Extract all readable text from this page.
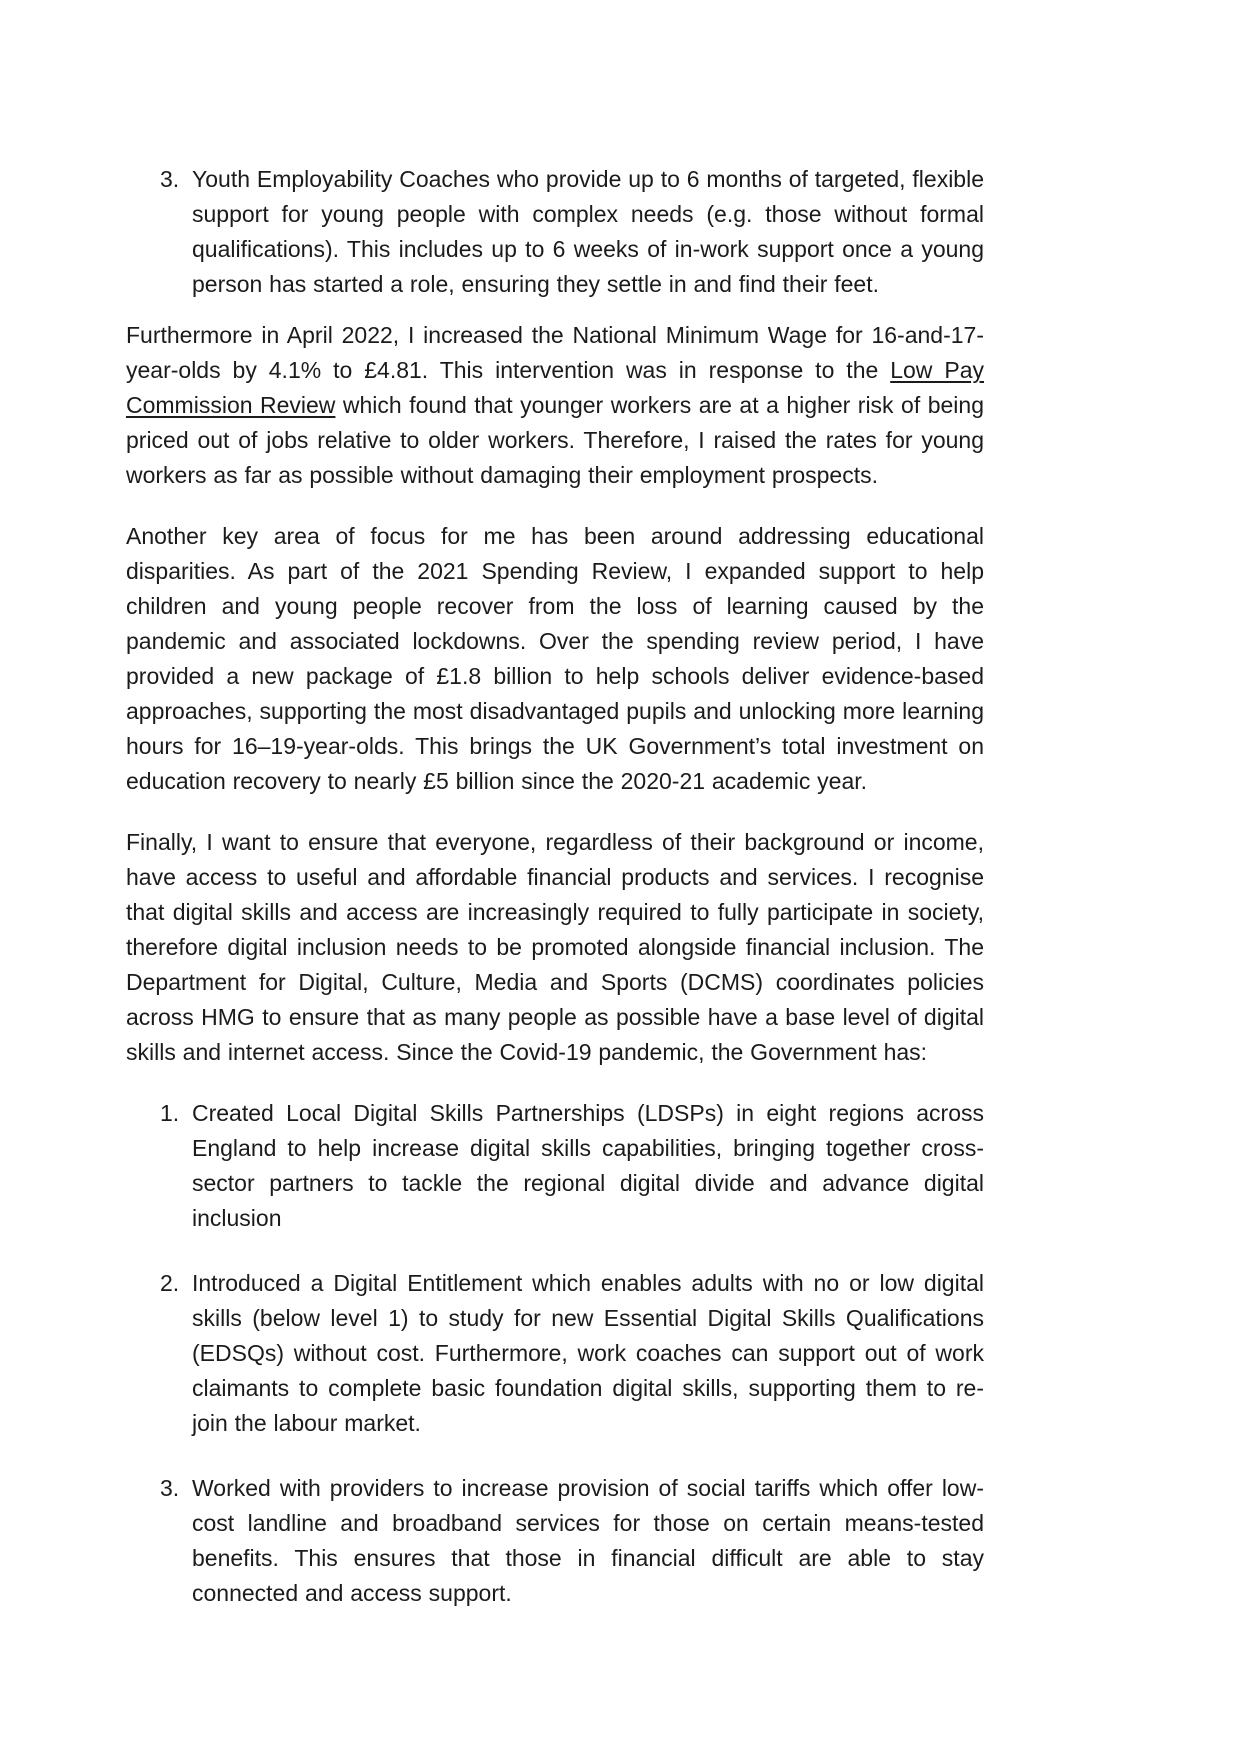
3. Youth Employability Coaches who provide up to 6 months of targeted, flexible support for young people with complex needs (e.g. those without formal qualifications). This includes up to 6 weeks of in-work support once a young person has started a role, ensuring they settle in and find their feet.

Furthermore in April 2022, I increased the National Minimum Wage for 16-and-17-year-olds by 4.1% to £4.81. This intervention was in response to the Low Pay Commission Review which found that younger workers are at a higher risk of being priced out of jobs relative to older workers. Therefore, I raised the rates for young workers as far as possible without damaging their employment prospects.

Another key area of focus for me has been around addressing educational disparities. As part of the 2021 Spending Review, I expanded support to help children and young people recover from the loss of learning caused by the pandemic and associated lockdowns. Over the spending review period, I have provided a new package of £1.8 billion to help schools deliver evidence-based approaches, supporting the most disadvantaged pupils and unlocking more learning hours for 16–19-year-olds. This brings the UK Government’s total investment on education recovery to nearly £5 billion since the 2020-21 academic year.

Finally, I want to ensure that everyone, regardless of their background or income, have access to useful and affordable financial products and services. I recognise that digital skills and access are increasingly required to fully participate in society, therefore digital inclusion needs to be promoted alongside financial inclusion. The Department for Digital, Culture, Media and Sports (DCMS) coordinates policies across HMG to ensure that as many people as possible have a base level of digital skills and internet access. Since the Covid-19 pandemic, the Government has:

1. Created Local Digital Skills Partnerships (LDSPs) in eight regions across England to help increase digital skills capabilities, bringing together cross-sector partners to tackle the regional digital divide and advance digital inclusion
2. Introduced a Digital Entitlement which enables adults with no or low digital skills (below level 1) to study for new Essential Digital Skills Qualifications (EDSQs) without cost. Furthermore, work coaches can support out of work claimants to complete basic foundation digital skills, supporting them to re-join the labour market.
3. Worked with providers to increase provision of social tariffs which offer low-cost landline and broadband services for those on certain means-tested benefits. This ensures that those in financial difficult are able to stay connected and access support.
